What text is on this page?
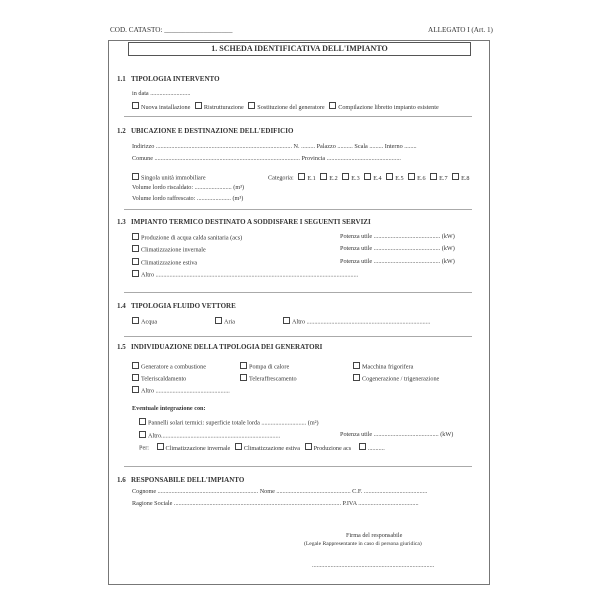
COD. CATASTO: ___________________	ALLEGATO I (Art. 1)
1. SCHEDA IDENTIFICATIVA DELL'IMPIANTO
1.1 TIPOLOGIA INTERVENTO
in data ..........................
Nuova installazione Ristrutturazione Sostituzione del generatore Compilazione libretto impianto esistente
1.2 UBICAZIONE E DESTINAZIONE DELL'EDIFICIO
Indirizzo ........................................................................................ N. ......... Palazzo .......... Scala ......... Interno ........
Comune .............................................................................................. Provincia ................................................
Singola unità immobiliare	Categoria: E.1 E.2 E.3 E.4 E.5 E.6 E.7 E.8
Volume lordo riscaldato: ........................ (m³)
Volume lordo raffrescato: ...................... (m³)
1.3 IMPIANTO TERMICO DESTINATO A SODDISFARE I SEGUENTI SERVIZI
Produzione di acqua calda sanitaria (acs)	Potenza utile ........................................... (kW)
Climatizzazione invernale	Potenza utile ........................................... (kW)
Climatizzazione estiva	Potenza utile ........................................... (kW)
Altro ...................................................................................................................................
1.4 TIPOLOGIA FLUIDO VETTORE
Acqua	Aria	Altro ................................................................................
1.5 INDIVIDUAZIONE DELLA TIPOLOGIA DEI GENERATORI
Generatore a combustione	Pompa di calore	Macchina frigorifera
Teleriscaldamento	Teleraffrescamento	Cogenerazione / trigenerazione
Altro ................................................
Eventuale integrazione con:
Pannelli solari termici: superficie totale lorda ............................. (m²)
Altro.............................................................................	Potenza utile .......................................... (kW)
Per:	Climatizzazione invernale Climatizzazione estiva Produzione acs	...........
1.6 RESPONSABILE DELL'IMPIANTO
Cognome ................................................................. Nome ................................................ C.F. .........................................
Ragione Sociale ............................................................................................................ P.IVA .......................................
Firma del responsabile
(Legale Rappresentante in caso di persona giuridica)
...............................................................................
